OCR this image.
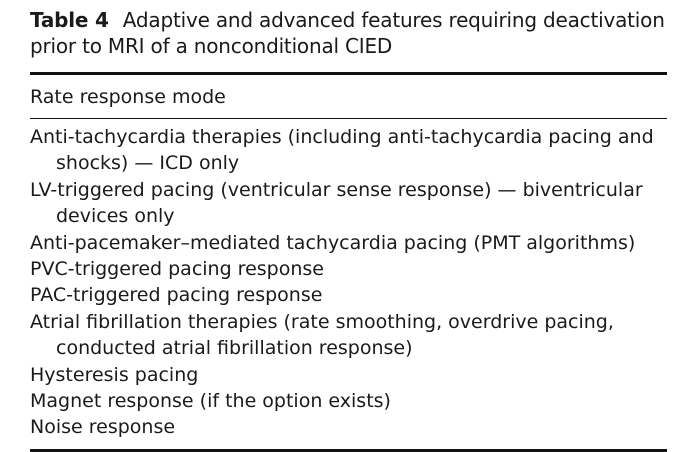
Table 4 Adaptive and advanced features requiring deactivation prior to MRI of a nonconditional CIED
Rate response mode
Anti-tachycardia therapies (including anti-tachycardia pacing and shocks) — ICD only
LV-triggered pacing (ventricular sense response) — biventricular devices only
Anti-pacemaker–mediated tachycardia pacing (PMT algorithms)
PVC-triggered pacing response
PAC-triggered pacing response
Atrial fibrillation therapies (rate smoothing, overdrive pacing, conducted atrial fibrillation response)
Hysteresis pacing
Magnet response (if the option exists)
Noise response
